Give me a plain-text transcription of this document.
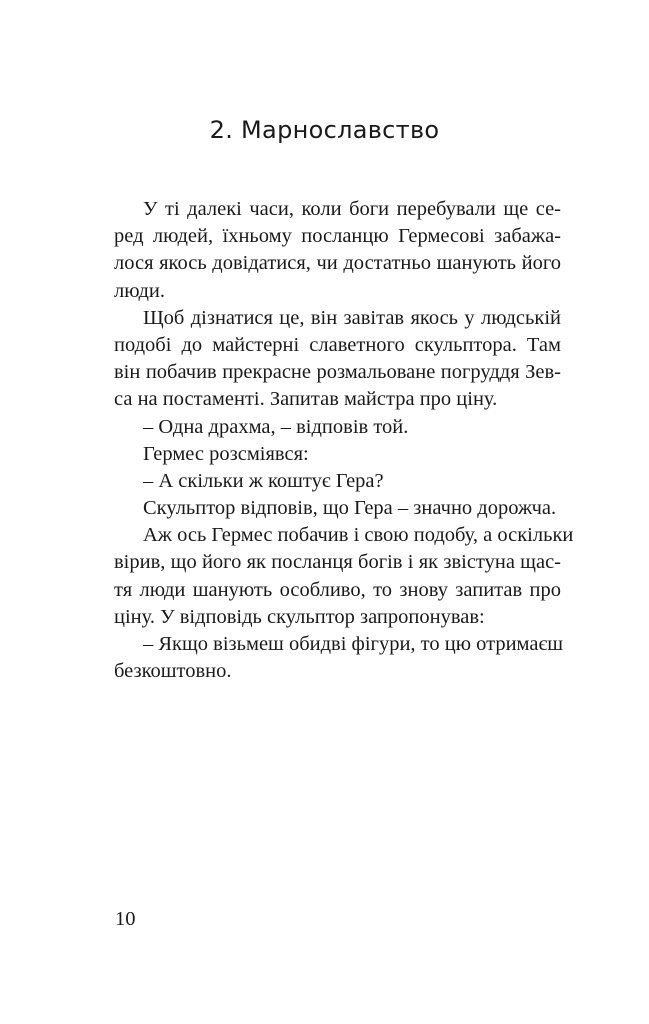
2. Марнославство
У ті далекі часи, коли боги перебували ще се-
ред людей, їхньому посланцю Гермесові забажа-
лося якось довідатися, чи достатньо шанують його
люди.
Щоб дізнатися це, він завітав якось у людській
подобі до майстерні славетного скульптора. Там
він побачив прекрасне розмальоване погруддя Зев-
са на постаменті. Запитав майстра про ціну.
– Одна драхма, – відповів той.
Гермес розсміявся:
– А скільки ж коштує Гера?
Скульптор відповів, що Гера – значно дорожча.
Аж ось Гермес побачив і свою подобу, а оскільки
вірив, що його як посланця богів і як звістуна щас-
тя люди шанують особливо, то знову запитав про
ціну. У відповідь скульптор запропонував:
– Якщо візьмеш обидві фігури, то цю отримаєш
безкоштовно.
10
